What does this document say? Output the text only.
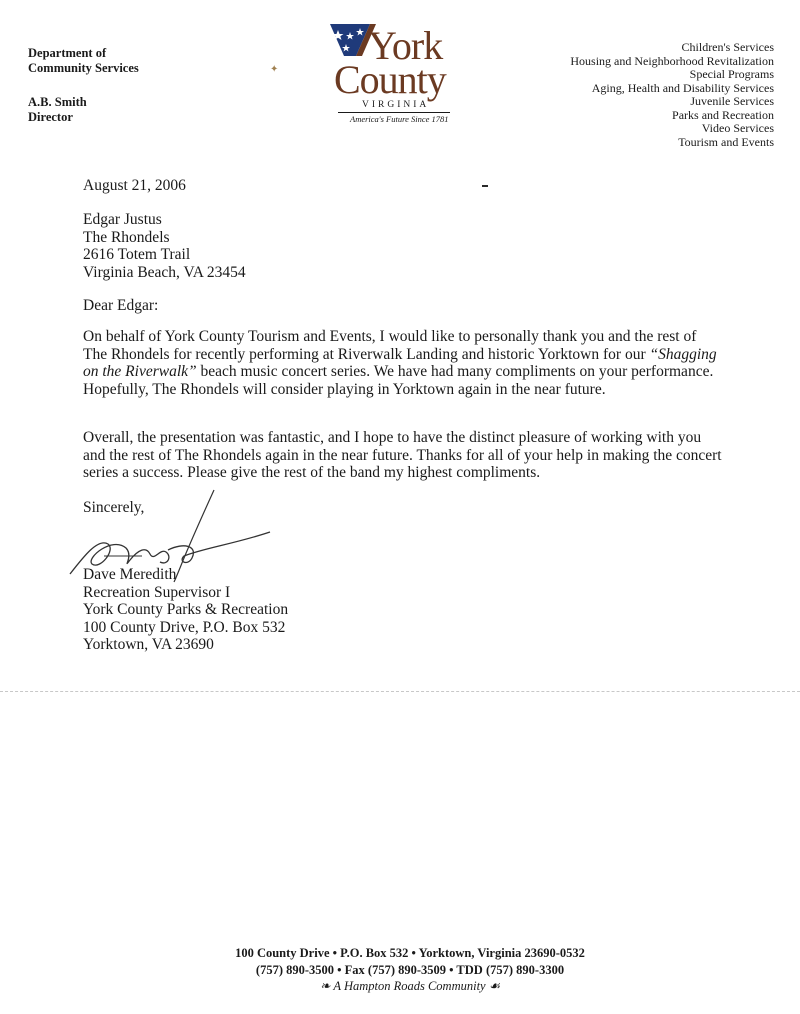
Department of
Community Services
A.B. Smith
Director
York
County
VIRGINIA
America's Future Since 1781
✦
Children's Services
Housing and Neighborhood Revitalization
Special Programs
Aging, Health and Disability Services
Juvenile Services
Parks and Recreation
Video Services
Tourism and Events
August 21, 2006
Edgar Justus
The Rhondels
2616 Totem Trail
Virginia Beach, VA 23454
Dear Edgar:
On behalf of York County Tourism and Events, I would like to personally thank you and the rest of The Rhondels for recently performing at Riverwalk Landing and historic Yorktown for our “Shagging on the Riverwalk” beach music concert series. We have had many compliments on your performance. Hopefully, The Rhondels will consider playing in Yorktown again in the near future.
Overall, the presentation was fantastic, and I hope to have the distinct pleasure of working with you and the rest of The Rhondels again in the near future. Thanks for all of your help in making the concert series a success. Please give the rest of the band my highest compliments.
Sincerely,
Dave Meredith
Recreation Supervisor I
York County Parks & Recreation
100 County Drive, P.O. Box 532
Yorktown, VA 23690
100 County Drive • P.O. Box 532 • Yorktown, Virginia 23690-0532
(757) 890-3500 • Fax (757) 890-3509 • TDD (757) 890-3300
❧ A Hampton Roads Community ☙
